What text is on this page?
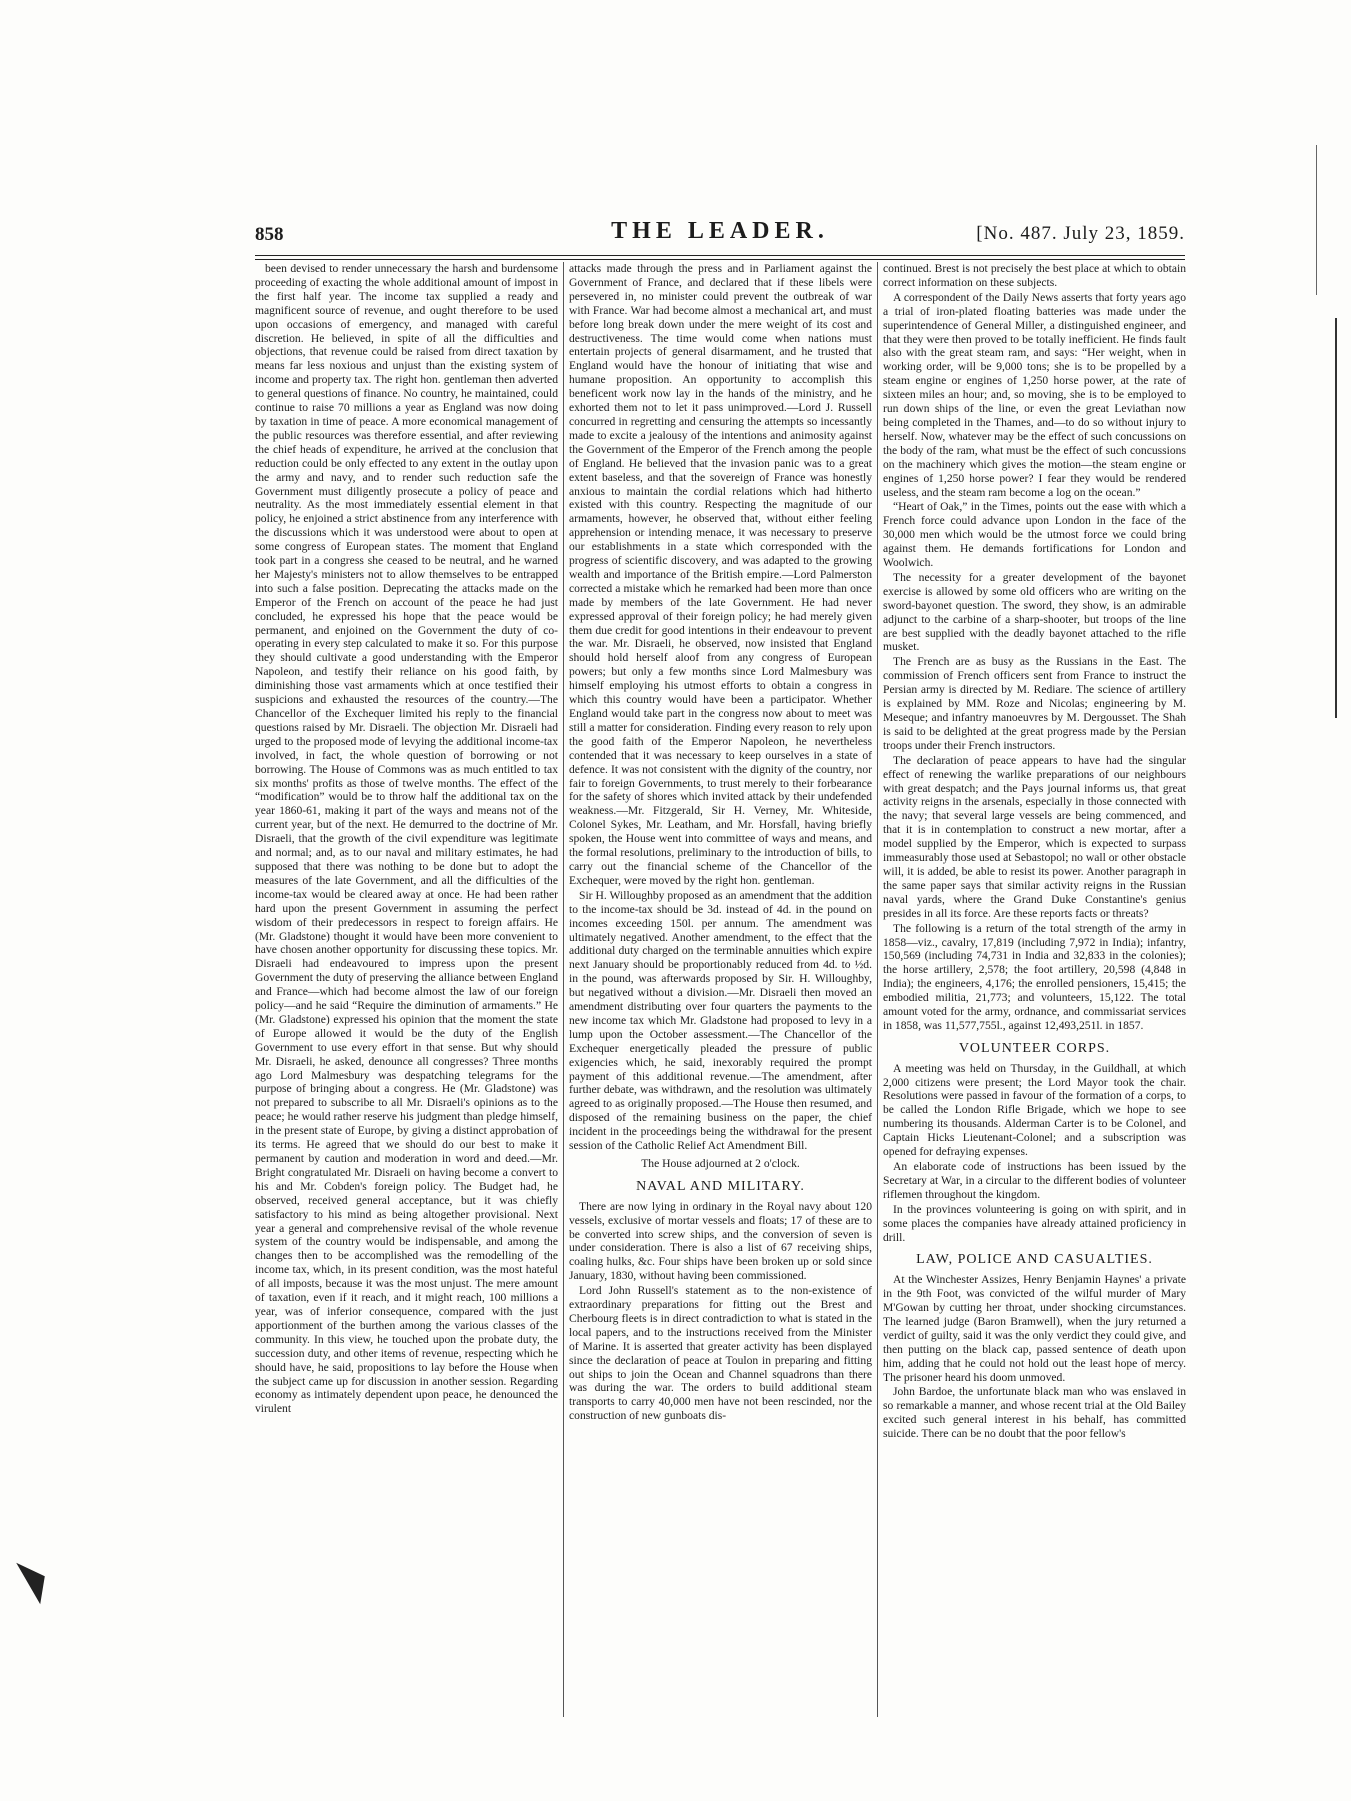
858	THE LEADER.	[No. 487. July 23, 1859.

been devised to render unnecessary the harsh and burdensome proceeding of exacting the whole additional amount of impost in the first half year. The income tax supplied a ready and magnificent source of revenue, and ought therefore to be used upon occasions of emergency, and managed with careful discretion. He believed, in spite of all the difficulties and objections, that revenue could be raised from direct taxation by means far less noxious and unjust than the existing system of income and property tax. The right hon. gentleman then adverted to general questions of finance. No country, he maintained, could continue to raise 70 millions a year as England was now doing by taxation in time of peace. A more economical management of the public resources was therefore essential, and after reviewing the chief heads of expenditure, he arrived at the conclusion that reduction could be only effected to any extent in the outlay upon the army and navy, and to render such reduction safe the Government must diligently prosecute a policy of peace and neutrality. As the most immediately essential element in that policy, he enjoined a strict abstinence from any interference with the discussions which it was understood were about to open at some congress of European states. The moment that England took part in a congress she ceased to be neutral, and he warned her Majesty's ministers not to allow themselves to be entrapped into such a false position. Deprecating the attacks made on the Emperor of the French on account of the peace he had just concluded, he expressed his hope that the peace would be permanent, and enjoined on the Government the duty of co-operating in every step calculated to make it so. For this purpose they should cultivate a good understanding with the Emperor Napoleon, and testify their reliance on his good faith, by diminishing those vast armaments which at once testified their suspicions and exhausted the resources of the country.—The Chancellor of the Exchequer limited his reply to the financial questions raised by Mr. Disraeli. The objection Mr. Disraeli had urged to the proposed mode of levying the additional income-tax involved, in fact, the whole question of borrowing or not borrowing. The House of Commons was as much entitled to tax six months' profits as those of twelve months. The effect of the “modification” would be to throw half the additional tax on the year 1860-61, making it part of the ways and means not of the current year, but of the next. He demurred to the doctrine of Mr. Disraeli, that the growth of the civil expenditure was legitimate and normal; and, as to our naval and military estimates, he had supposed that there was nothing to be done but to adopt the measures of the late Government, and all the difficulties of the income-tax would be cleared away at once. He had been rather hard upon the present Government in assuming the perfect wisdom of their predecessors in respect to foreign affairs. He (Mr. Gladstone) thought it would have been more convenient to have chosen another opportunity for discussing these topics. Mr. Disraeli had endeavoured to impress upon the present Government the duty of preserving the alliance between England and France—which had become almost the law of our foreign policy—and he said “Require the diminution of armaments.” He (Mr. Gladstone) expressed his opinion that the moment the state of Europe allowed it would be the duty of the English Government to use every effort in that sense. But why should Mr. Disraeli, he asked, denounce all congresses? Three months ago Lord Malmesbury was despatching telegrams for the purpose of bringing about a congress. He (Mr. Gladstone) was not prepared to subscribe to all Mr. Disraeli's opinions as to the peace; he would rather reserve his judgment than pledge himself, in the present state of Europe, by giving a distinct approbation of its terms. He agreed that we should do our best to make it permanent by caution and moderation in word and deed.—Mr. Bright congratulated Mr. Disraeli on having become a convert to his and Mr. Cobden's foreign policy. The Budget had, he observed, received general acceptance, but it was chiefly satisfactory to his mind as being altogether provisional. Next year a general and comprehensive revisal of the whole revenue system of the country would be indispensable, and among the changes then to be accomplished was the remodelling of the income tax, which, in its present condition, was the most hateful of all imposts, because it was the most unjust. The mere amount of taxation, even if it reach, and it might reach, 100 millions a year, was of inferior consequence, compared with the just apportionment of the burthen among the various classes of the community. In this view, he touched upon the probate duty, the succession duty, and other items of revenue, respecting which he should have, he said, propositions to lay before the House when the subject came up for discussion in another session. Regarding economy as intimately dependent upon peace, he denounced the virulent

attacks made through the press and in Parliament against the Government of France, and declared that if these libels were persevered in, no minister could prevent the outbreak of war with France. War had become almost a mechanical art, and must before long break down under the mere weight of its cost and destructiveness. The time would come when nations must entertain projects of general disarmament, and he trusted that England would have the honour of initiating that wise and humane proposition. An opportunity to accomplish this beneficent work now lay in the hands of the ministry, and he exhorted them not to let it pass unimproved.—Lord J. Russell concurred in regretting and censuring the attempts so incessantly made to excite a jealousy of the intentions and animosity against the Government of the Emperor of the French among the people of England. He believed that the invasion panic was to a great extent baseless, and that the sovereign of France was honestly anxious to maintain the cordial relations which had hitherto existed with this country. Respecting the magnitude of our armaments, however, he observed that, without either feeling apprehension or intending menace, it was necessary to preserve our establishments in a state which corresponded with the progress of scientific discovery, and was adapted to the growing wealth and importance of the British empire.—Lord Palmerston corrected a mistake which he remarked had been more than once made by members of the late Government. He had never expressed approval of their foreign policy; he had merely given them due credit for good intentions in their endeavour to prevent the war. Mr. Disraeli, he observed, now insisted that England should hold herself aloof from any congress of European powers; but only a few months since Lord Malmesbury was himself employing his utmost efforts to obtain a congress in which this country would have been a participator. Whether England would take part in the congress now about to meet was still a matter for consideration. Finding every reason to rely upon the good faith of the Emperor Napoleon, he nevertheless contended that it was necessary to keep ourselves in a state of defence. It was not consistent with the dignity of the country, nor fair to foreign Governments, to trust merely to their forbearance for the safety of shores which invited attack by their undefended weakness.—Mr. Fitzgerald, Sir H. Verney, Mr. Whiteside, Colonel Sykes, Mr. Leatham, and Mr. Horsfall, having briefly spoken, the House went into committee of ways and means, and the formal resolutions, preliminary to the introduction of bills, to carry out the financial scheme of the Chancellor of the Exchequer, were moved by the right hon. gentleman.

Sir H. Willoughby proposed as an amendment that the addition to the income-tax should be 3d. instead of 4d. in the pound on incomes exceeding 150l. per annum. The amendment was ultimately negatived. Another amendment, to the effect that the additional duty charged on the terminable annuities which expire next January should be proportionably reduced from 4d. to ½d. in the pound, was afterwards proposed by Sir. H. Willoughby, but negatived without a division.—Mr. Disraeli then moved an amendment distributing over four quarters the payments to the new income tax which Mr. Gladstone had proposed to levy in a lump upon the October assessment.—The Chancellor of the Exchequer energetically pleaded the pressure of public exigencies which, he said, inexorably required the prompt payment of this additional revenue.—The amendment, after further debate, was withdrawn, and the resolution was ultimately agreed to as originally proposed.—The House then resumed, and disposed of the remaining business on the paper, the chief incident in the proceedings being the withdrawal for the present session of the Catholic Relief Act Amendment Bill.

The House adjourned at 2 o'clock.

NAVAL AND MILITARY.

There are now lying in ordinary in the Royal navy about 120 vessels, exclusive of mortar vessels and floats; 17 of these are to be converted into screw ships, and the conversion of seven is under consideration. There is also a list of 67 receiving ships, coaling hulks, &c. Four ships have been broken up or sold since January, 1830, without having been commissioned.

Lord John Russell's statement as to the non-existence of extraordinary preparations for fitting out the Brest and Cherbourg fleets is in direct contradiction to what is stated in the local papers, and to the instructions received from the Minister of Marine. It is asserted that greater activity has been displayed since the declaration of peace at Toulon in preparing and fitting out ships to join the Ocean and Channel squadrons than there was during the war. The orders to build additional steam transports to carry 40,000 men have not been rescinded, nor the construction of new gunboats dis-

continued. Brest is not precisely the best place at which to obtain correct information on these subjects.

A correspondent of the Daily News asserts that forty years ago a trial of iron-plated floating batteries was made under the superintendence of General Miller, a distinguished engineer, and that they were then proved to be totally inefficient. He finds fault also with the great steam ram, and says: “Her weight, when in working order, will be 9,000 tons; she is to be propelled by a steam engine or engines of 1,250 horse power, at the rate of sixteen miles an hour; and, so moving, she is to be employed to run down ships of the line, or even the great Leviathan now being completed in the Thames, and—to do so without injury to herself. Now, whatever may be the effect of such concussions on the body of the ram, what must be the effect of such concussions on the machinery which gives the motion—the steam engine or engines of 1,250 horse power? I fear they would be rendered useless, and the steam ram become a log on the ocean.”

“Heart of Oak,” in the Times, points out the ease with which a French force could advance upon London in the face of the 30,000 men which would be the utmost force we could bring against them. He demands fortifications for London and Woolwich.

The necessity for a greater development of the bayonet exercise is allowed by some old officers who are writing on the sword-bayonet question. The sword, they show, is an admirable adjunct to the carbine of a sharp-shooter, but troops of the line are best supplied with the deadly bayonet attached to the rifle musket.

The French are as busy as the Russians in the East. The commission of French officers sent from France to instruct the Persian army is directed by M. Rediare. The science of artillery is explained by MM. Roze and Nicolas; engineering by M. Meseque; and infantry manoeuvres by M. Dergousset. The Shah is said to be delighted at the great progress made by the Persian troops under their French instructors.

The declaration of peace appears to have had the singular effect of renewing the warlike preparations of our neighbours with great despatch; and the Pays journal informs us, that great activity reigns in the arsenals, especially in those connected with the navy; that several large vessels are being commenced, and that it is in contemplation to construct a new mortar, after a model supplied by the Emperor, which is expected to surpass immeasurably those used at Sebastopol; no wall or other obstacle will, it is added, be able to resist its power. Another paragraph in the same paper says that similar activity reigns in the Russian naval yards, where the Grand Duke Constantine's genius presides in all its force. Are these reports facts or threats?

The following is a return of the total strength of the army in 1858—viz., cavalry, 17,819 (including 7,972 in India); infantry, 150,569 (including 74,731 in India and 32,833 in the colonies); the horse artillery, 2,578; the foot artillery, 20,598 (4,848 in India); the engineers, 4,176; the enrolled pensioners, 15,415; the embodied militia, 21,773; and volunteers, 15,122. The total amount voted for the army, ordnance, and commissariat services in 1858, was 11,577,755l., against 12,493,251l. in 1857.

VOLUNTEER CORPS.

A meeting was held on Thursday, in the Guildhall, at which 2,000 citizens were present; the Lord Mayor took the chair. Resolutions were passed in favour of the formation of a corps, to be called the London Rifle Brigade, which we hope to see numbering its thousands. Alderman Carter is to be Colonel, and Captain Hicks Lieutenant-Colonel; and a subscription was opened for defraying expenses.

An elaborate code of instructions has been issued by the Secretary at War, in a circular to the different bodies of volunteer riflemen throughout the kingdom.

In the provinces volunteering is going on with spirit, and in some places the companies have already attained proficiency in drill.

LAW, POLICE AND CASUALTIES.

At the Winchester Assizes, Henry Benjamin Haynes' a private in the 9th Foot, was convicted of the wilful murder of Mary M'Gowan by cutting her throat, under shocking circumstances. The learned judge (Baron Bramwell), when the jury returned a verdict of guilty, said it was the only verdict they could give, and then putting on the black cap, passed sentence of death upon him, adding that he could not hold out the least hope of mercy. The prisoner heard his doom unmoved.

John Bardoe, the unfortunate black man who was enslaved in so remarkable a manner, and whose recent trial at the Old Bailey excited such general interest in his behalf, has committed suicide. There can be no doubt that the poor fellow's
